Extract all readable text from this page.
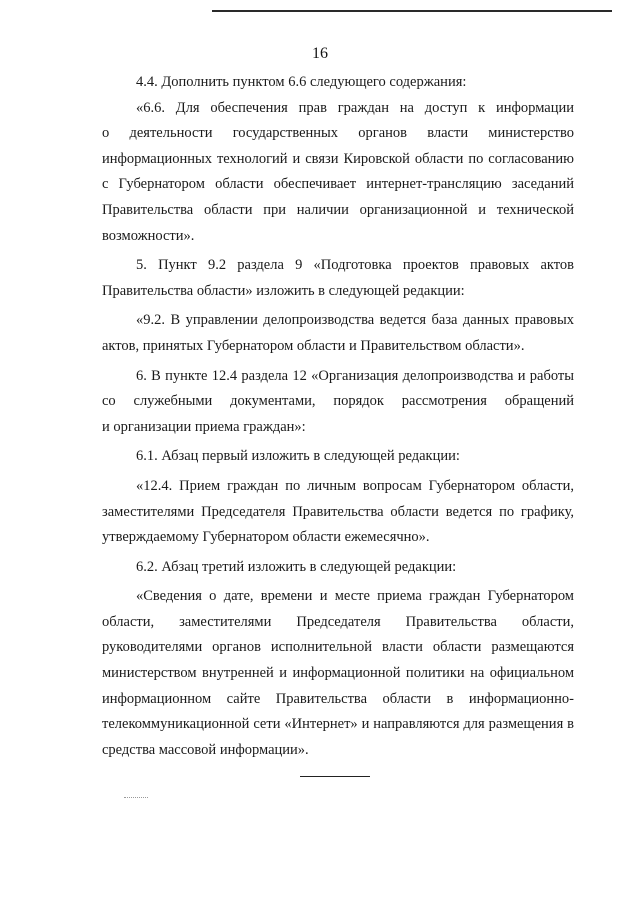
16
4.4. Дополнить пунктом 6.6 следующего содержания:
«6.6. Для обеспечения прав граждан на доступ к информации
о деятельности государственных органов власти министерство
информационных технологий и связи Кировской области по согласованию
с Губернатором области обеспечивает интернет-трансляцию заседаний
Правительства области при наличии организационной и технической
возможности».
5. Пункт 9.2 раздела 9 «Подготовка проектов правовых актов
Правительства области» изложить в следующей редакции:
«9.2. В управлении делопроизводства ведется база данных правовых
актов, принятых Губернатором области и Правительством области».
6. В пункте 12.4 раздела 12 «Организация делопроизводства и работы
со служебными документами, порядок рассмотрения обращений
и организации приема граждан»:
6.1. Абзац первый изложить в следующей редакции:
«12.4. Прием граждан по личным вопросам Губернатором области,
заместителями Председателя Правительства области ведется по графику,
утверждаемому Губернатором области ежемесячно».
6.2. Абзац третий изложить в следующей редакции:
«Сведения о дате, времени и месте приема граждан Губернатором
области, заместителями Председателя Правительства области,
руководителями органов исполнительной власти области размещаются
министерством внутренней и информационной политики на официальном
информационном сайте Правительства области в информационно-
телекоммуникационной сети «Интернет» и направляются для размещения в
средства массовой информации».
